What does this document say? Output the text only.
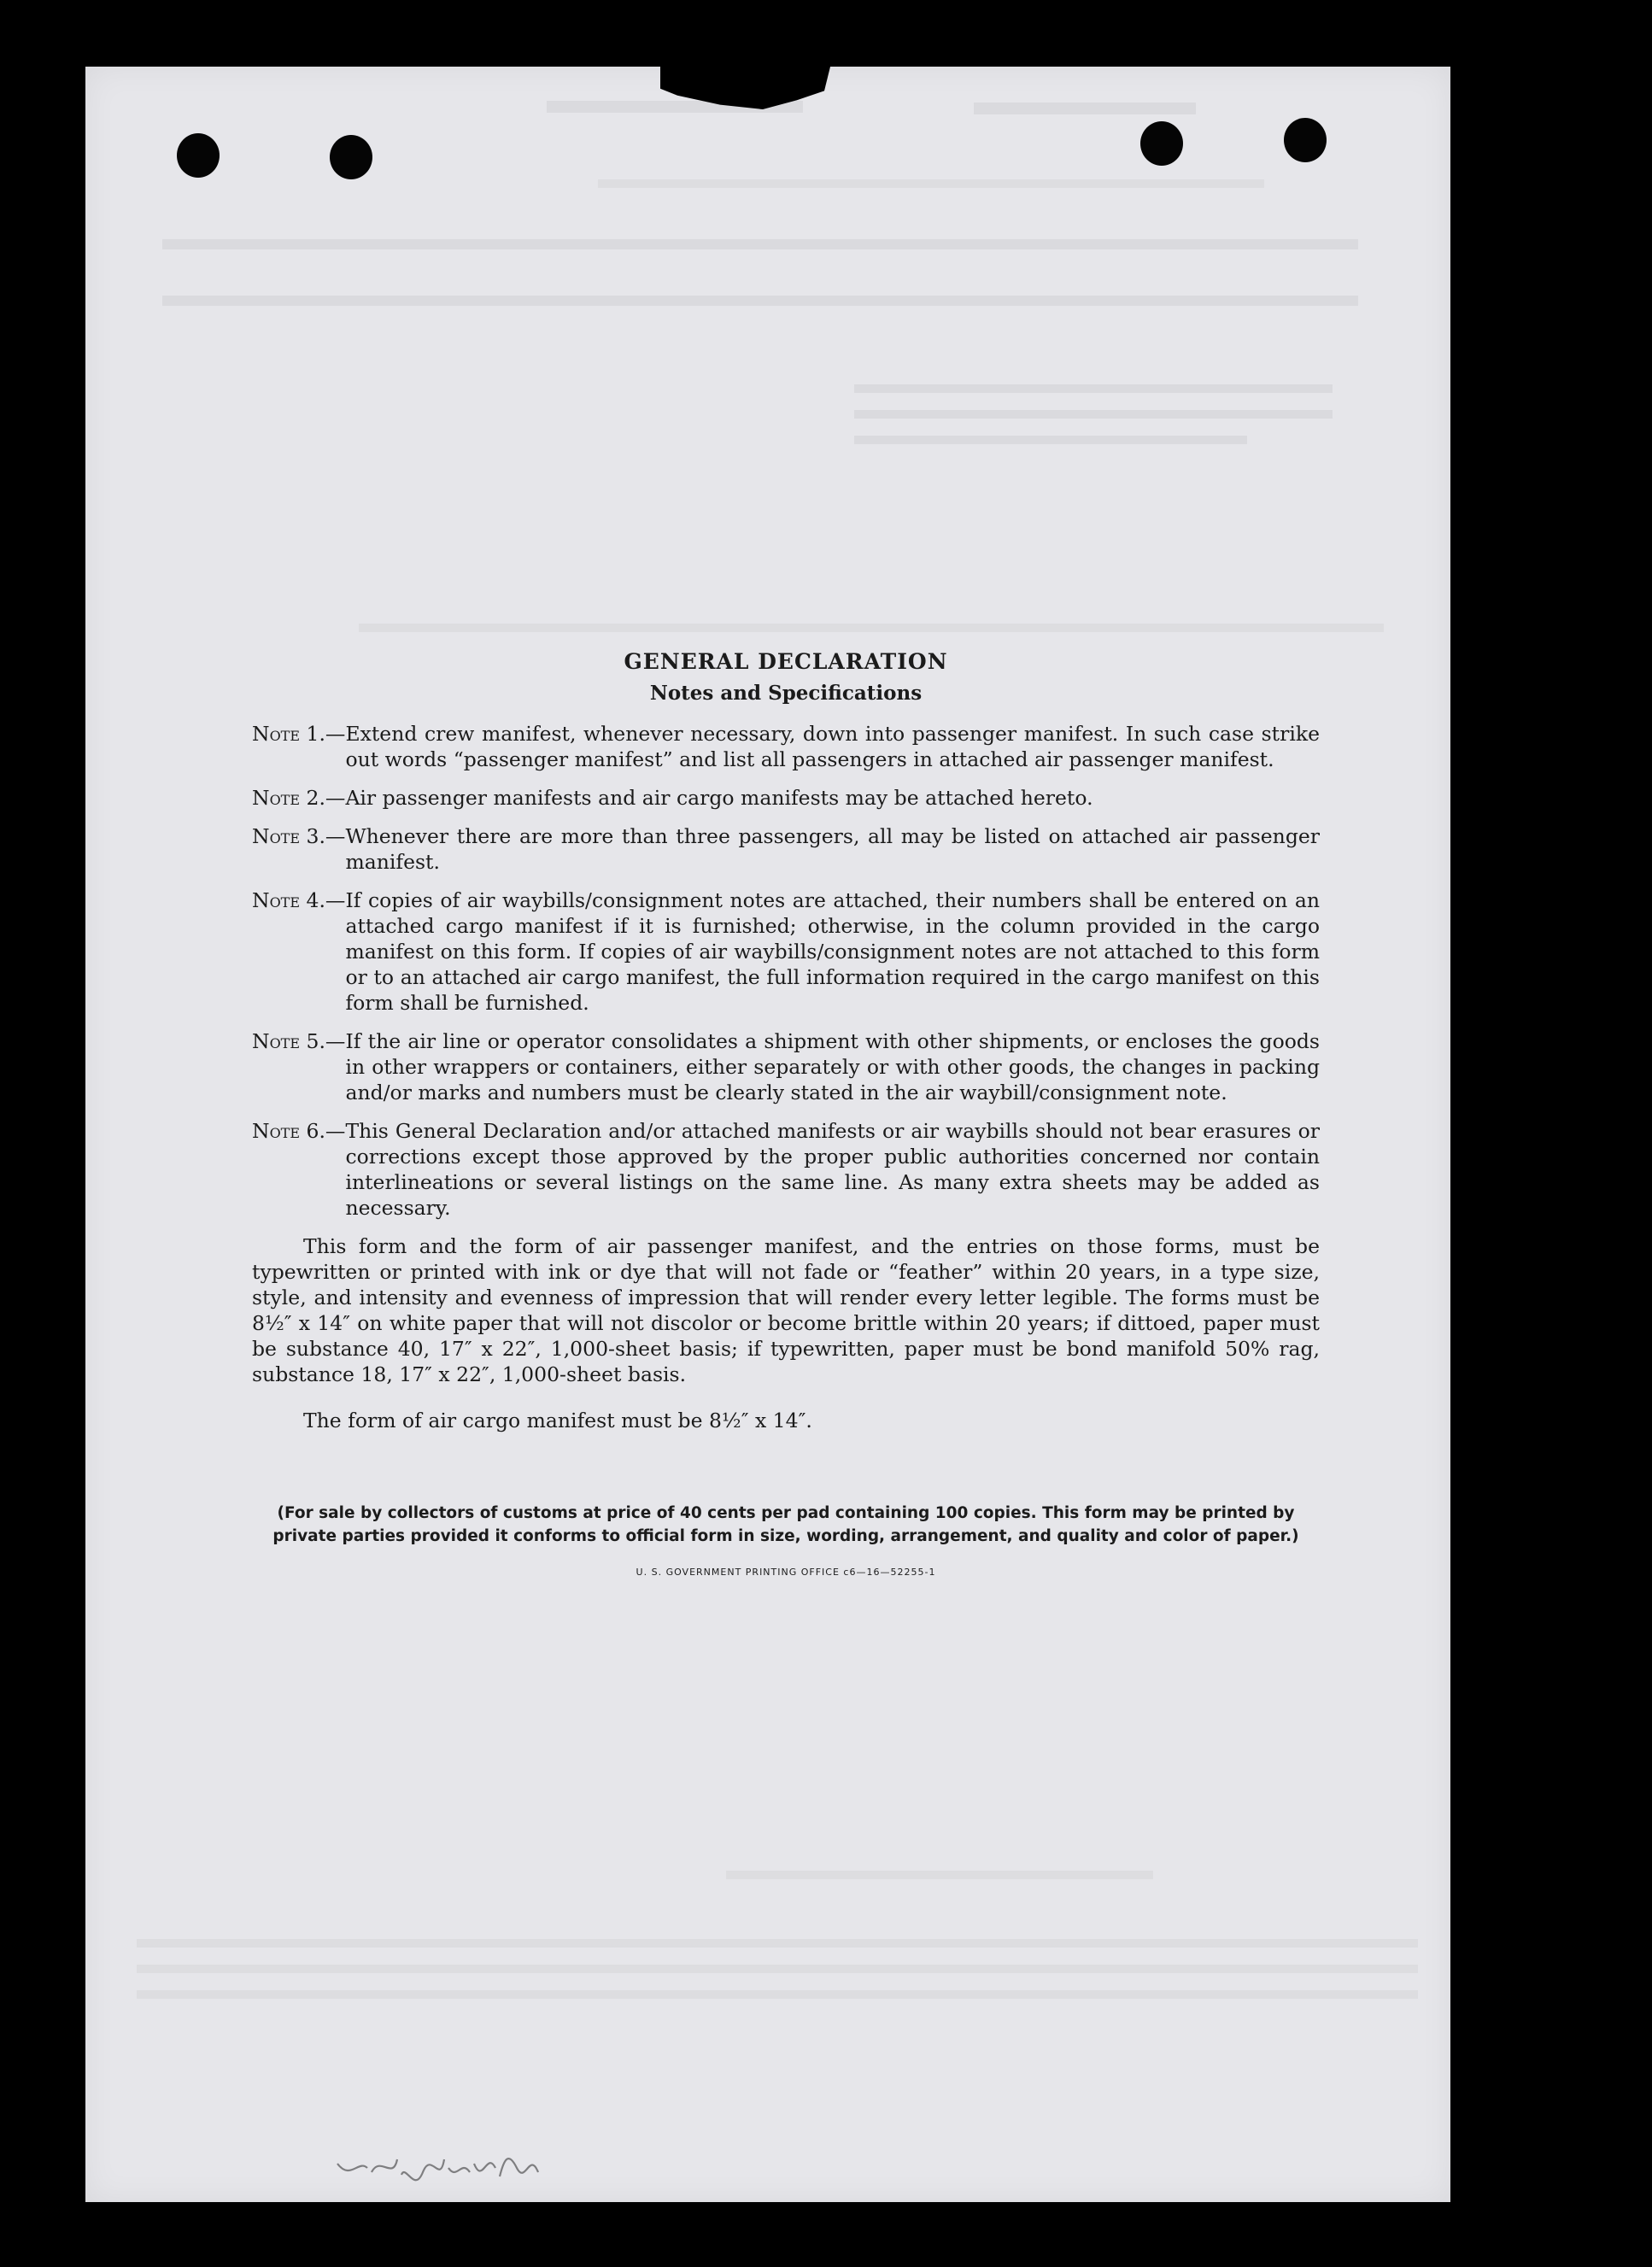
GENERAL DECLARATION

Notes and Specifications

Note 1.— Extend crew manifest, whenever necessary, down into passenger manifest. In such case strike out words “passenger manifest” and list all passengers in attached air passenger manifest.
Note 2.— Air passenger manifests and air cargo manifests may be attached hereto.
Note 3.— Whenever there are more than three passengers, all may be listed on attached air passenger manifest.
Note 4.— If copies of air waybills/consignment notes are attached, their numbers shall be entered on an attached cargo manifest if it is furnished; otherwise, in the column provided in the cargo manifest on this form. If copies of air waybills/consignment notes are not attached to this form or to an attached air cargo manifest, the full information required in the cargo manifest on this form shall be furnished.
Note 5.— If the air line or operator consolidates a shipment with other shipments, or encloses the goods in other wrappers or containers, either separately or with other goods, the changes in packing and/or marks and numbers must be clearly stated in the air waybill/consignment note.
Note 6.— This General Declaration and/or attached manifests or air waybills should not bear erasures or corrections except those approved by the proper public authorities concerned nor contain interlineations or several listings on the same line. As many extra sheets may be added as necessary.

This form and the form of air passenger manifest, and the entries on those forms, must be typewritten or printed with ink or dye that will not fade or “feather” within 20 years, in a type size, style, and intensity and evenness of impression that will render every letter legible. The forms must be 8½″ x 14″ on white paper that will not discolor or become brittle within 20 years; if dittoed, paper must be substance 40, 17″ x 22″, 1,000-sheet basis; if typewritten, paper must be bond manifold 50% rag, substance 18, 17″ x 22″, 1,000-sheet basis.

The form of air cargo manifest must be 8½″ x 14″.

(For sale by collectors of customs at price of 40 cents per pad containing 100 copies. This form may be printed by private parties provided it conforms to official form in size, wording, arrangement, and quality and color of paper.)

U. S. GOVERNMENT PRINTING OFFICE c6—16—52255-1
